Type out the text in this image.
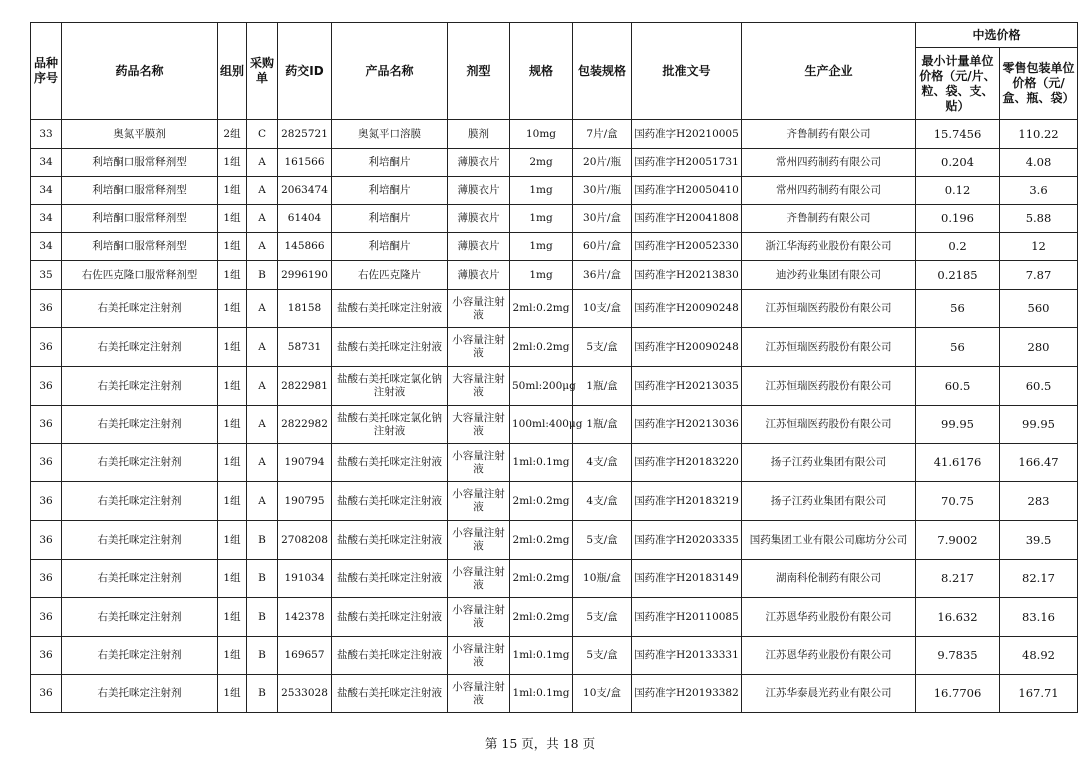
品种序号	药品名称	组别	采购单	药交ID	产品名称	剂型	规格	包装规格	批准文号	生产企业	中选价格	
											最小计量单位价格（元/片、粒、袋、支、贴）	零售包装单位价格（元/盒、瓶、袋）
33	奥氮平膜剂	2组	C	2825721	奥氮平口溶膜	膜剂	10mg	7片/盒	国药准字H20210005	齐鲁制药有限公司	15.7456	110.22
34	利培酮口服常释剂型	1组	A	161566	利培酮片	薄膜衣片	2mg	20片/瓶	国药准字H20051731	常州四药制药有限公司	0.204	4.08
34	利培酮口服常释剂型	1组	A	2063474	利培酮片	薄膜衣片	1mg	30片/瓶	国药准字H20050410	常州四药制药有限公司	0.12	3.6
34	利培酮口服常释剂型	1组	A	61404	利培酮片	薄膜衣片	1mg	30片/盒	国药准字H20041808	齐鲁制药有限公司	0.196	5.88
34	利培酮口服常释剂型	1组	A	145866	利培酮片	薄膜衣片	1mg	60片/盒	国药准字H20052330	浙江华海药业股份有限公司	0.2	12
35	右佐匹克隆口服常释剂型	1组	B	2996190	右佐匹克隆片	薄膜衣片	1mg	36片/盒	国药准字H20213830	迪沙药业集团有限公司	0.2185	7.87
36	右美托咪定注射剂	1组	A	18158	盐酸右美托咪定注射液	小容量注射液	2ml:0.2mg	10支/盒	国药准字H20090248	江苏恒瑞医药股份有限公司	56	560
36	右美托咪定注射剂	1组	A	58731	盐酸右美托咪定注射液	小容量注射液	2ml:0.2mg	5支/盒	国药准字H20090248	江苏恒瑞医药股份有限公司	56	280
36	右美托咪定注射剂	1组	A	2822981	盐酸右美托咪定氯化钠注射液	大容量注射液	50ml:200μg	1瓶/盒	国药准字H20213035	江苏恒瑞医药股份有限公司	60.5	60.5
36	右美托咪定注射剂	1组	A	2822982	盐酸右美托咪定氯化钠注射液	大容量注射液	100ml:400μg	1瓶/盒	国药准字H20213036	江苏恒瑞医药股份有限公司	99.95	99.95
36	右美托咪定注射剂	1组	A	190794	盐酸右美托咪定注射液	小容量注射液	1ml:0.1mg	4支/盒	国药准字H20183220	扬子江药业集团有限公司	41.6176	166.47
36	右美托咪定注射剂	1组	A	190795	盐酸右美托咪定注射液	小容量注射液	2ml:0.2mg	4支/盒	国药准字H20183219	扬子江药业集团有限公司	70.75	283
36	右美托咪定注射剂	1组	B	2708208	盐酸右美托咪定注射液	小容量注射液	2ml:0.2mg	5支/盒	国药准字H20203335	国药集团工业有限公司廊坊分公司	7.9002	39.5
36	右美托咪定注射剂	1组	B	191034	盐酸右美托咪定注射液	小容量注射液	2ml:0.2mg	10瓶/盒	国药准字H20183149	湖南科伦制药有限公司	8.217	82.17
36	右美托咪定注射剂	1组	B	142378	盐酸右美托咪定注射液	小容量注射液	2ml:0.2mg	5支/盒	国药准字H20110085	江苏恩华药业股份有限公司	16.632	83.16
36	右美托咪定注射剂	1组	B	169657	盐酸右美托咪定注射液	小容量注射液	1ml:0.1mg	5支/盒	国药准字H20133331	江苏恩华药业股份有限公司	9.7835	48.92
36	右美托咪定注射剂	1组	B	2533028	盐酸右美托咪定注射液	小容量注射液	1ml:0.1mg	10支/盒	国药准字H20193382	江苏华泰晨光药业有限公司	16.7706	167.71
第 15 页，共 18 页
